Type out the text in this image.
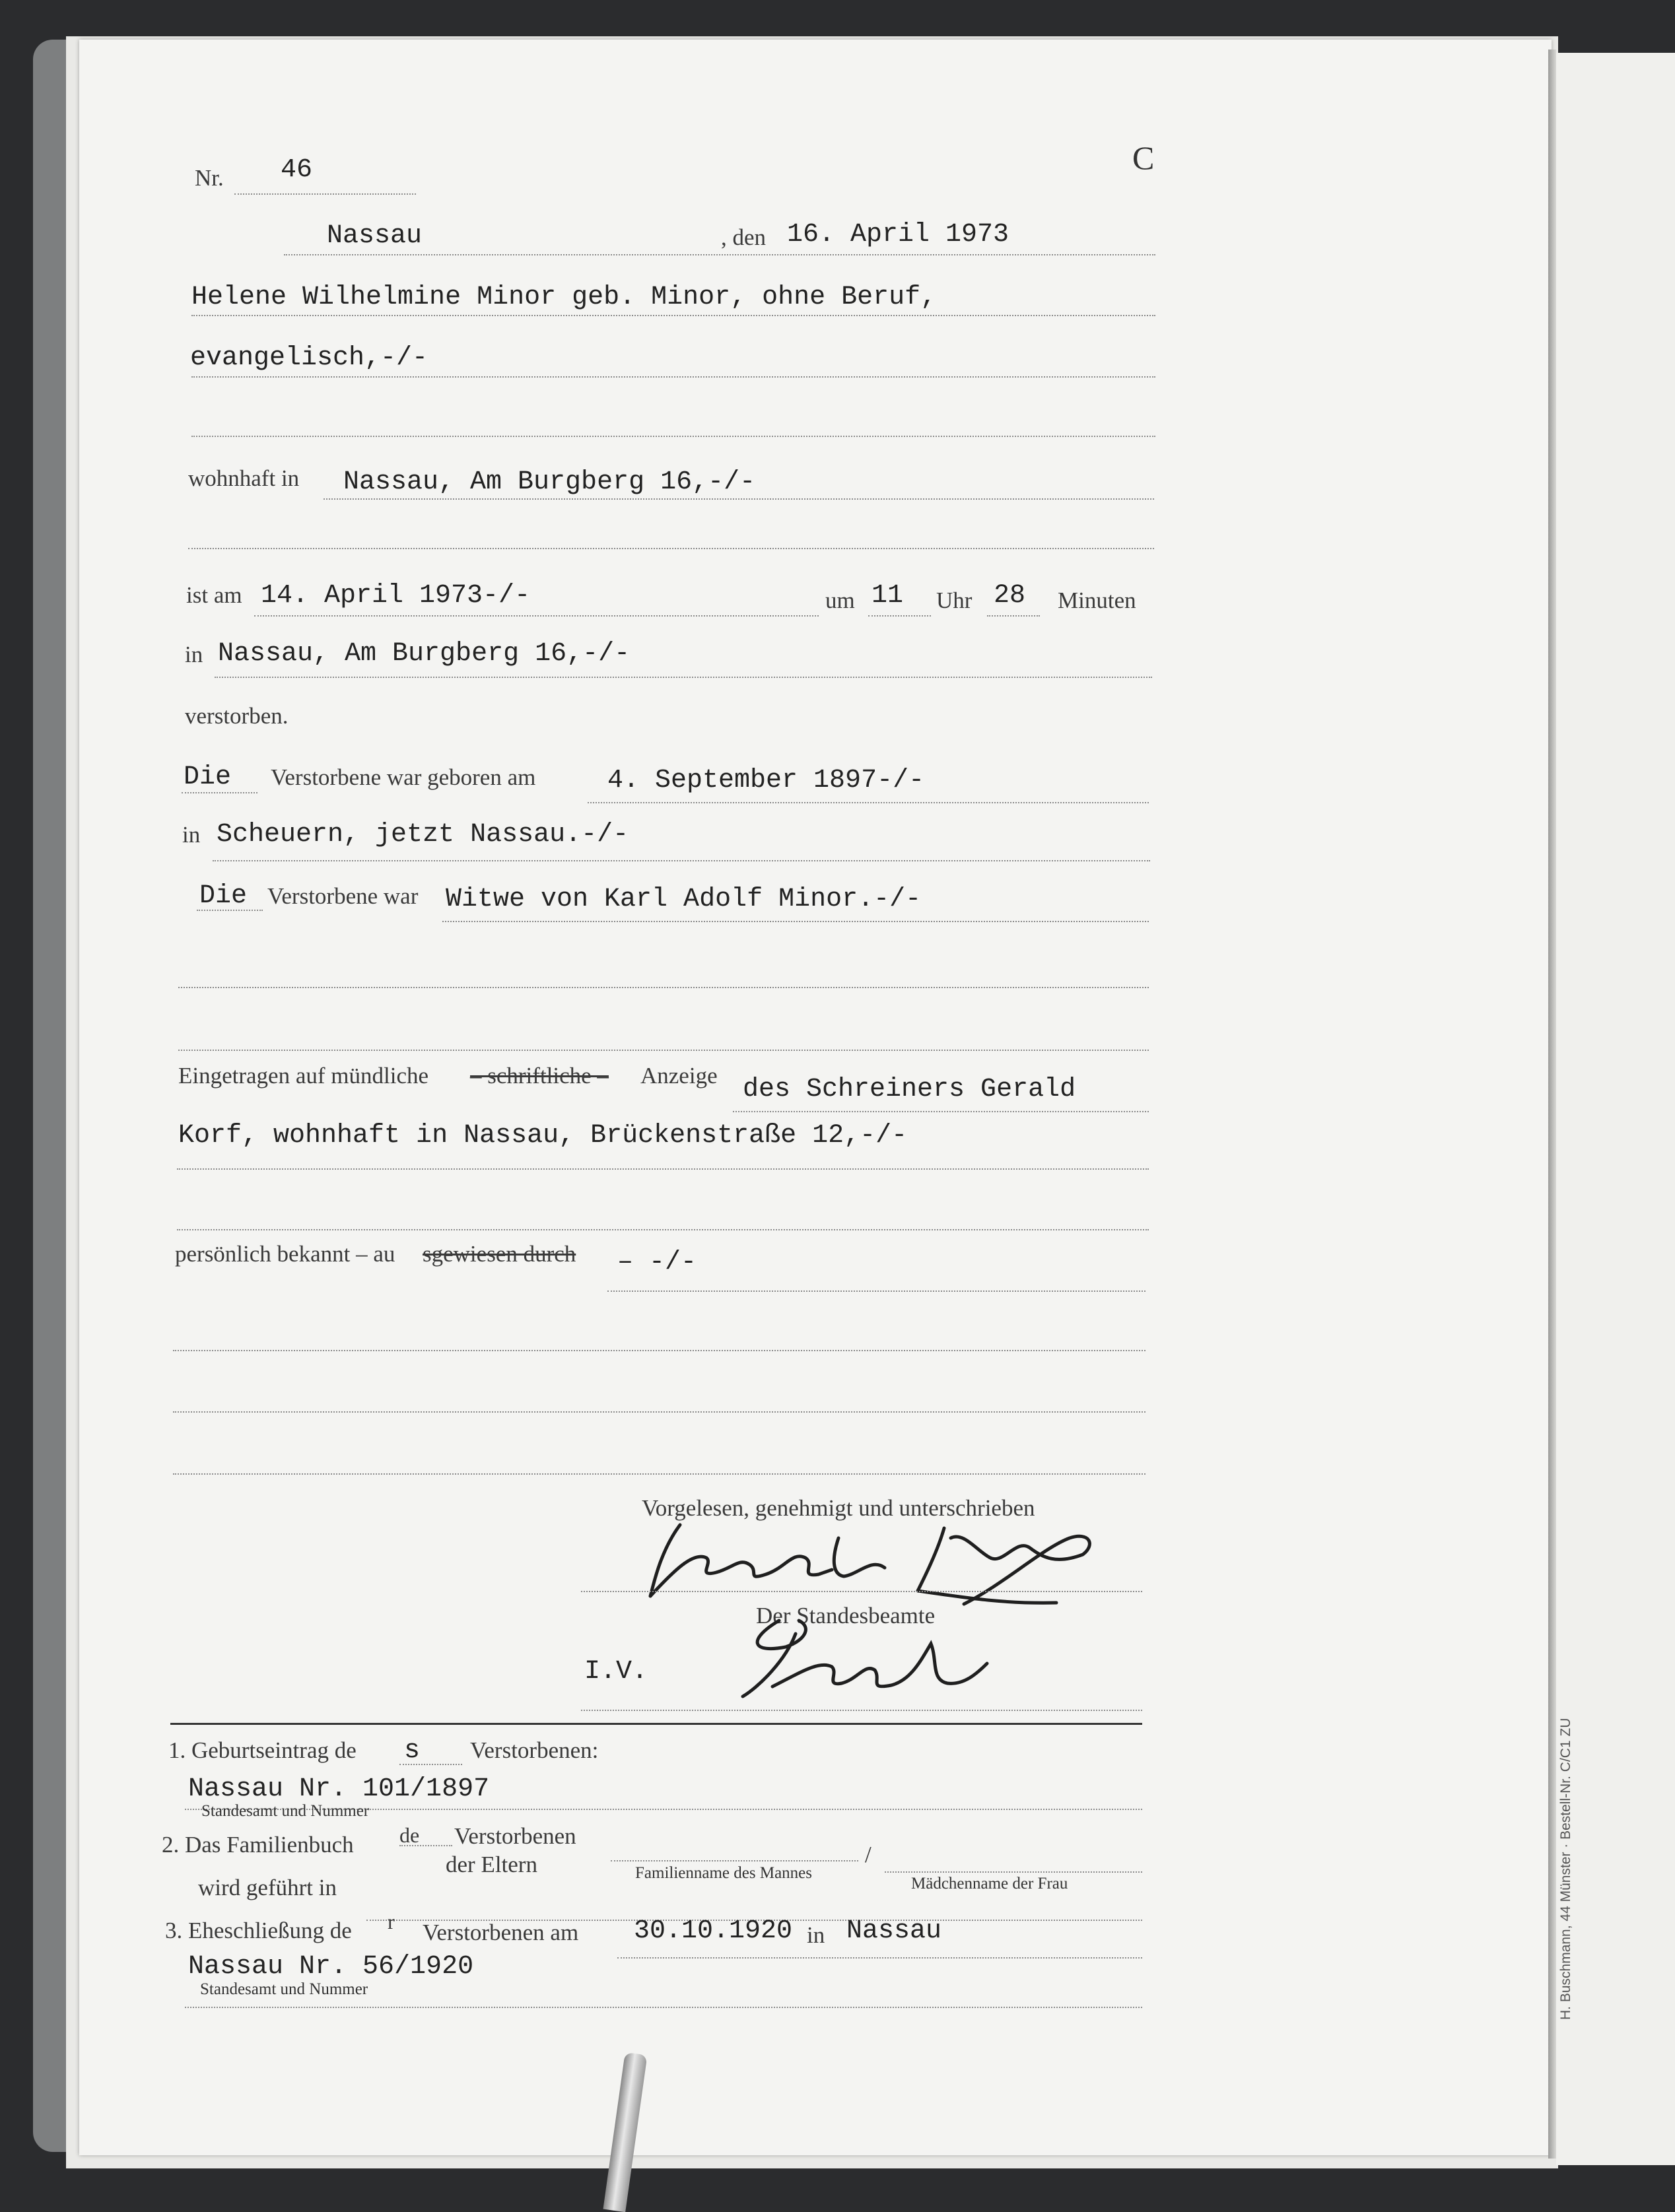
H. Buschmann, 44 Münster · Bestell-Nr. C/C1 ZU
C
Nr. 46
Nassau	, den 16. April 1973
Helene Wilhelmine Minor geb. Minor, ohne Beruf,
evangelisch,-/-
wohnhaft in Nassau, Am Burgberg 16,-/-
ist am 14. April 1973-/-	um 11 Uhr 28 Minuten
in Nassau, Am Burgberg 16,-/-
verstorben.
Die Verstorbene war geboren am	4. September 1897-/-
in Scheuern, jetzt Nassau.-/-
Die Verstorbene war Witwe von Karl Adolf Minor.-/-
Eingetragen auf mündliche – schriftliche – Anzeige des Schreiners Gerald
Korf, wohnhaft in Nassau, Brückenstraße 12,-/-
persönlich bekannt – au sgewiesen durch – -/-
Vorgelesen, genehmigt und unterschrieben
Der Standesbeamte
I.V.
1. Geburtseintrag de s Verstorbenen:
Nassau Nr. 101/1897
Standesamt und Nummer
2. Das Familienbuch de Verstorbenen
der Eltern	/
wird geführt in
Familienname des Mannes
Mädchenname der Frau
3. Eheschließung de r Verstorbenen am 30.10.1920 in Nassau
Nassau Nr. 56/1920
Standesamt und Nummer
